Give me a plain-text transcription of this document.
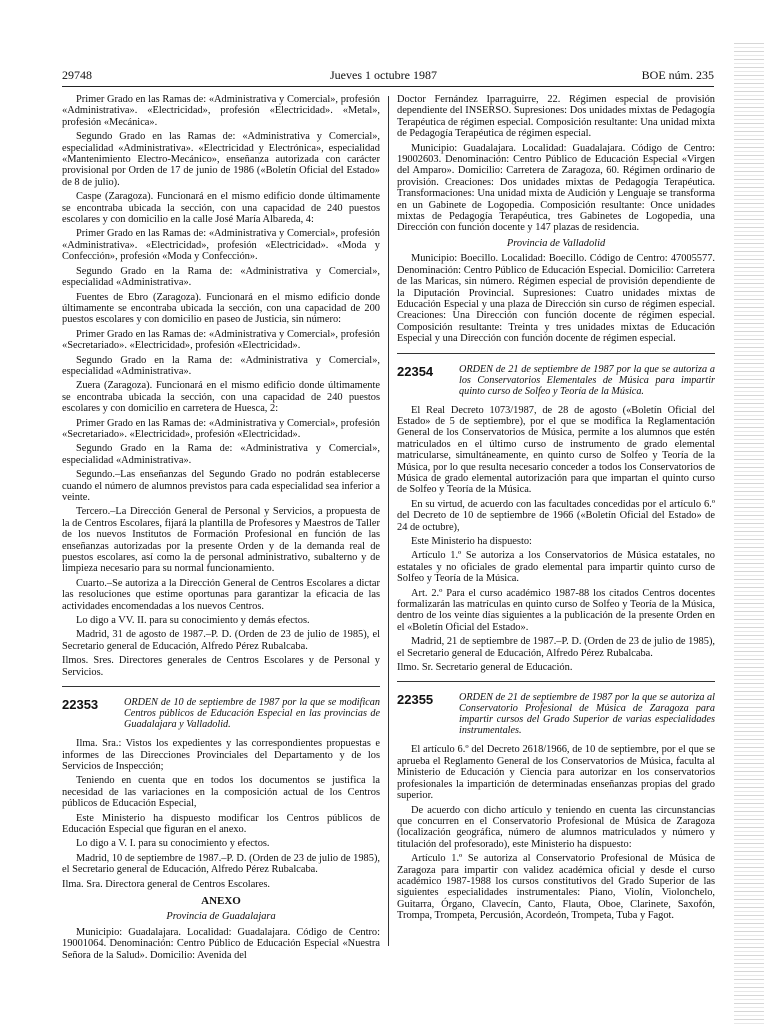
29748	Jueves 1 octubre 1987	BOE núm. 235

Primer Grado en las Ramas de: «Administrativa y Comercial», profesión «Administrativa». «Electricidad», profesión «Electricidad». «Metal», profesión «Mecánica».

Segundo Grado en las Ramas de: «Administrativa y Comercial», especialidad «Administrativa». «Electricidad y Electrónica», especialidad «Mantenimiento Electro-Mecánico», enseñanza autorizada con carácter provisional por Orden de 17 de junio de 1986 («Boletín Oficial del Estado» de 8 de julio).

Caspe (Zaragoza). Funcionará en el mismo edificio donde últimamente se encontraba ubicada la sección, con una capacidad de 240 puestos escolares y con domicilio en la calle José María Albareda, 4:

Primer Grado en las Ramas de: «Administrativa y Comercial», profesión «Administrativa». «Electricidad», profesión «Electricidad». «Moda y Confección», profesión «Moda y Confección».

Segundo Grado en la Rama de: «Administrativa y Comercial», especialidad «Administrativa».

Fuentes de Ebro (Zaragoza). Funcionará en el mismo edificio donde últimamente se encontraba ubicada la sección, con una capacidad de 200 puestos escolares y con domicilio en paseo de Justicia, sin número:

Primer Grado en las Ramas de: «Administrativa y Comercial», profesión «Secretariado». «Electricidad», profesión «Electricidad».

Segundo Grado en la Rama de: «Administrativa y Comercial», especialidad «Administrativa».

Zuera (Zaragoza). Funcionará en el mismo edificio donde últimamente se encontraba ubicada la sección, con una capacidad de 240 puestos escolares y con domicilio en carretera de Huesca, 2:

Primer Grado en las Ramas de: «Administrativa y Comercial», profesión «Secretariado». «Electricidad», profesión «Electricidad».

Segundo Grado en la Rama de: «Administrativa y Comercial», especialidad «Administrativa».

Segundo.–Las enseñanzas del Segundo Grado no podrán establecerse cuando el número de alumnos previstos para cada especialidad sea inferior a veinte.

Tercero.–La Dirección General de Personal y Servicios, a propuesta de la de Centros Escolares, fijará la plantilla de Profesores y Maestros de Taller de los nuevos Institutos de Formación Profesional en función de las enseñanzas autorizadas por la presente Orden y de la demanda real de puestos escolares, así como la de personal administrativo, subalterno y de limpieza necesario para su normal funcionamiento.

Cuarto.–Se autoriza a la Dirección General de Centros Escolares a dictar las resoluciones que estime oportunas para garantizar la eficacia de las actividades encomendadas a los nuevos Centros.

Lo digo a VV. II. para su conocimiento y demás efectos.

Madrid, 31 de agosto de 1987.–P. D. (Orden de 23 de julio de 1985), el Secretario general de Educación, Alfredo Pérez Rubalcaba.

Ilmos. Sres. Directores generales de Centros Escolares y de Personal y Servicios.

22353	ORDEN de 10 de septiembre de 1987 por la que se modifican Centros públicos de Educación Especial en las provincias de Guadalajara y Valladolid.

Ilma. Sra.: Vistos los expedientes y las correspondientes propuestas e informes de las Direcciones Provinciales del Departamento y de los Servicios de Inspección;

Teniendo en cuenta que en todos los documentos se justifica la necesidad de las variaciones en la composición actual de los Centros públicos de Educación Especial,

Este Ministerio ha dispuesto modificar los Centros públicos de Educación Especial que figuran en el anexo.

Lo digo a V. I. para su conocimiento y efectos.

Madrid, 10 de septiembre de 1987.–P. D. (Orden de 23 de julio de 1985), el Secretario general de Educación, Alfredo Pérez Rubalcaba.

Ilma. Sra. Directora general de Centros Escolares.

ANEXO
Provincia de Guadalajara

Municipio: Guadalajara. Localidad: Guadalajara. Código de Centro: 19001064. Denominación: Centro Público de Educación Especial «Nuestra Señora de la Salud». Domicilio: Avenida del

Doctor Fernández Iparraguirre, 22. Régimen especial de provisión dependiente del INSERSO. Supresiones: Dos unidades mixtas de Pedagogía Terapéutica de régimen especial. Composición resultante: Una unidad mixta de Pedagogía Terapéutica de régimen especial.

Municipio: Guadalajara. Localidad: Guadalajara. Código de Centro: 19002603. Denominación: Centro Público de Educación Especial «Virgen del Amparo». Domicilio: Carretera de Zaragoza, 60. Régimen ordinario de provisión. Creaciones: Dos unidades mixtas de Pedagogía Terapéutica. Transformaciones: Una unidad mixta de Audición y Lenguaje se transforma en un Gabinete de Logopedia. Composición resultante: Once unidades mixtas de Pedagogía Terapéutica, tres Gabinetes de Logopedia, una Dirección con función docente y 147 plazas de residencia.

Provincia de Valladolid

Municipio: Boecillo. Localidad: Boecillo. Código de Centro: 47005577. Denominación: Centro Público de Educación Especial. Domicilio: Carretera de las Maricas, sin número. Régimen especial de provisión dependiente de la Diputación Provincial. Supresiones: Cuatro unidades mixtas de Educación Especial y una plaza de Dirección sin curso de régimen especial. Creaciones: Una Dirección con función docente de régimen especial. Composición resultante: Treinta y tres unidades mixtas de Educación Especial y una Dirección con función docente de régimen especial.

22354	ORDEN de 21 de septiembre de 1987 por la que se autoriza a los Conservatorios Elementales de Música para impartir quinto curso de Solfeo y Teoría de la Música.

El Real Decreto 1073/1987, de 28 de agosto («Boletín Oficial del Estado» de 5 de septiembre), por el que se modifica la Reglamentación General de los Conservatorios de Música, permite a los alumnos que estén matriculados en el último curso de instrumento de grado elemental matricularse, simultáneamente, en quinto curso de Solfeo y Teoría de la Música, por lo que resulta necesario conceder a todos los Conservatorios de Música de grado elemental autorización para que impartan el quinto curso de Solfeo y Teoría de la Música.

En su virtud, de acuerdo con las facultades concedidas por el artículo 6.º del Decreto de 10 de septiembre de 1966 («Boletín Oficial del Estado» de 24 de octubre),

Este Ministerio ha dispuesto:

Artículo 1.º Se autoriza a los Conservatorios de Música estatales, no estatales y no oficiales de grado elemental para impartir quinto curso de Solfeo y Teoría de la Música.

Art. 2.º Para el curso académico 1987-88 los citados Centros docentes formalizarán las matrículas en quinto curso de Solfeo y Teoría de la Música, dentro de los veinte días siguientes a la publicación de la presente Orden en el «Boletín Oficial del Estado».

Madrid, 21 de septiembre de 1987.–P. D. (Orden de 23 de julio de 1985), el Secretario general de Educación, Alfredo Pérez Rubalcaba.

Ilmo. Sr. Secretario general de Educación.

22355	ORDEN de 21 de septiembre de 1987 por la que se autoriza al Conservatorio Profesional de Música de Zaragoza para impartir cursos del Grado Superior de varias especialidades instrumentales.

El artículo 6.º del Decreto 2618/1966, de 10 de septiembre, por el que se aprueba el Reglamento General de los Conservatorios de Música, faculta al Ministerio de Educación y Ciencia para autorizar en los conservatorios profesionales la impartición de determinadas enseñanzas propias del grado superior.

De acuerdo con dicho artículo y teniendo en cuenta las circunstancias que concurren en el Conservatorio Profesional de Música de Zaragoza (localización geográfica, número de alumnos matriculados y número y titulación del profesorado), este Ministerio ha dispuesto:

Artículo 1.º Se autoriza al Conservatorio Profesional de Música de Zaragoza para impartir con validez académica oficial y desde el curso académico 1987-1988 los cursos constitutivos del Grado Superior de las siguientes especialidades instrumentales: Piano, Violín, Violonchelo, Guitarra, Órgano, Clavecín, Canto, Flauta, Oboe, Clarinete, Saxofón, Trompa, Trompeta, Percusión, Acordeón, Trompeta, Tuba y Fagot.
